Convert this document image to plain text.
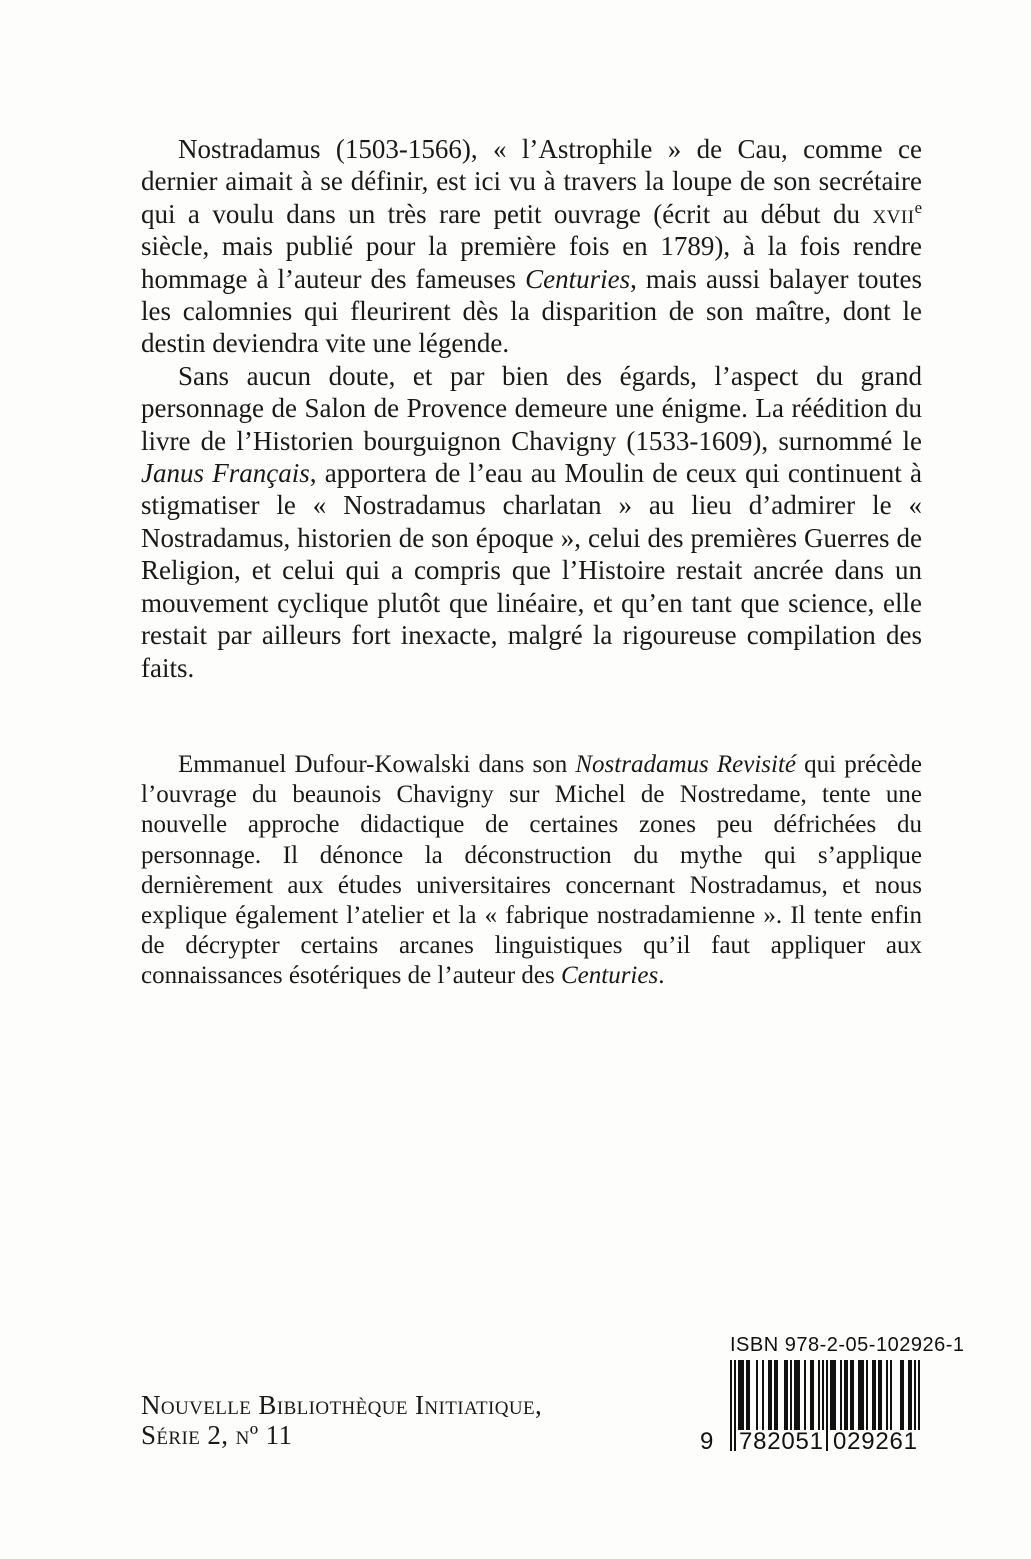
Nostradamus (1503-1566), « l’Astrophile » de Cau, comme ce dernier aimait à se définir, est ici vu à travers la loupe de son secrétaire qui a voulu dans un très rare petit ouvrage (écrit au début du xvii$^e$ siècle, mais publié pour la première fois en 1789), à la fois rendre hommage à l’auteur des fameuses Centuries, mais aussi balayer toutes les calomnies qui fleurirent dès la disparition de son maître, dont le destin deviendra vite une légende.

Sans aucun doute, et par bien des égards, l’aspect du grand personnage de Salon de Provence demeure une énigme. La réédition du livre de l’Historien bourguignon Chavigny (1533-1609), surnommé le Janus Français, apportera de l’eau au Moulin de ceux qui continuent à stigmatiser le « Nostradamus charlatan » au lieu d’admirer le « Nostradamus, historien de son époque », celui des premières Guerres de Religion, et celui qui a compris que l’Histoire restait ancrée dans un mouvement cyclique plutôt que linéaire, et qu’en tant que science, elle restait par ailleurs fort inexacte, malgré la rigoureuse compilation des faits.

Emmanuel Dufour-Kowalski dans son Nostradamus Revisité qui précède l’ouvrage du beaunois Chavigny sur Michel de Nostredame, tente une nouvelle approche didactique de certaines zones peu défrichées du personnage. Il dénonce la déconstruction du mythe qui s’applique dernièrement aux études universitaires concernant Nostradamus, et nous explique également l’atelier et la « fabrique nostradamienne ». Il tente enfin de décrypter certains arcanes linguistiques qu’il faut appliquer aux connaissances ésotériques de l’auteur des Centuries.

Nouvelle Bibliothèque Initiatique,
Série 2, nº 11
ISBN 978-2-05-102926-1
9 7 8 2 0 5 1 0 2 9 2 6 1
